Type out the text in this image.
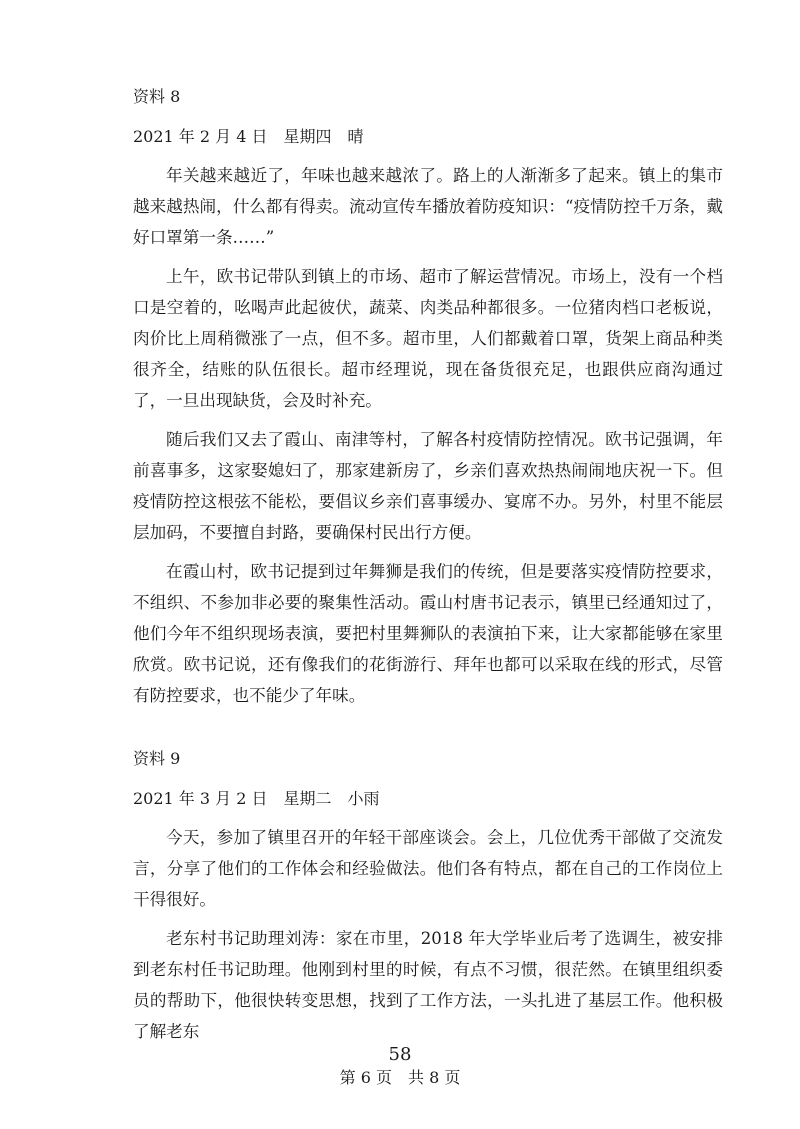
资料 8

2021 年 2 月 4 日　星期四　晴

年关越来越近了，年味也越来越浓了。路上的人渐渐多了起来。镇上的集市越来越热闹，什么都有得卖。流动宣传车播放着防疫知识：“疫情防控千万条，戴好口罩第一条……”

上午，欧书记带队到镇上的市场、超市了解运营情况。市场上，没有一个档口是空着的，吆喝声此起彼伏，蔬菜、肉类品种都很多。一位猪肉档口老板说，肉价比上周稍微涨了一点，但不多。超市里，人们都戴着口罩，货架上商品种类很齐全，结账的队伍很长。超市经理说，现在备货很充足，也跟供应商沟通过了，一旦出现缺货，会及时补充。

随后我们又去了霞山、南津等村，了解各村疫情防控情况。欧书记强调，年前喜事多，这家娶媳妇了，那家建新房了，乡亲们喜欢热热闹闹地庆祝一下。但疫情防控这根弦不能松，要倡议乡亲们喜事缓办、宴席不办。另外，村里不能层层加码，不要擅自封路，要确保村民出行方便。

在霞山村，欧书记提到过年舞狮是我们的传统，但是要落实疫情防控要求，不组织、不参加非必要的聚集性活动。霞山村唐书记表示，镇里已经通知过了，他们今年不组织现场表演，要把村里舞狮队的表演拍下来，让大家都能够在家里欣赏。欧书记说，还有像我们的花街游行、拜年也都可以采取在线的形式，尽管有防控要求，也不能少了年味。

资料 9

2021 年 3 月 2 日　星期二　小雨

今天，参加了镇里召开的年轻干部座谈会。会上，几位优秀干部做了交流发言，分享了他们的工作体会和经验做法。他们各有特点，都在自己的工作岗位上干得很好。

老东村书记助理刘涛：家在市里，2018 年大学毕业后考了选调生，被安排到老东村任书记助理。他刚到村里的时候，有点不习惯，很茫然。在镇里组织委员的帮助下，他很快转变思想，找到了工作方法，一头扎进了基层工作。他积极了解老东

58
第 6 页　共 8 页
